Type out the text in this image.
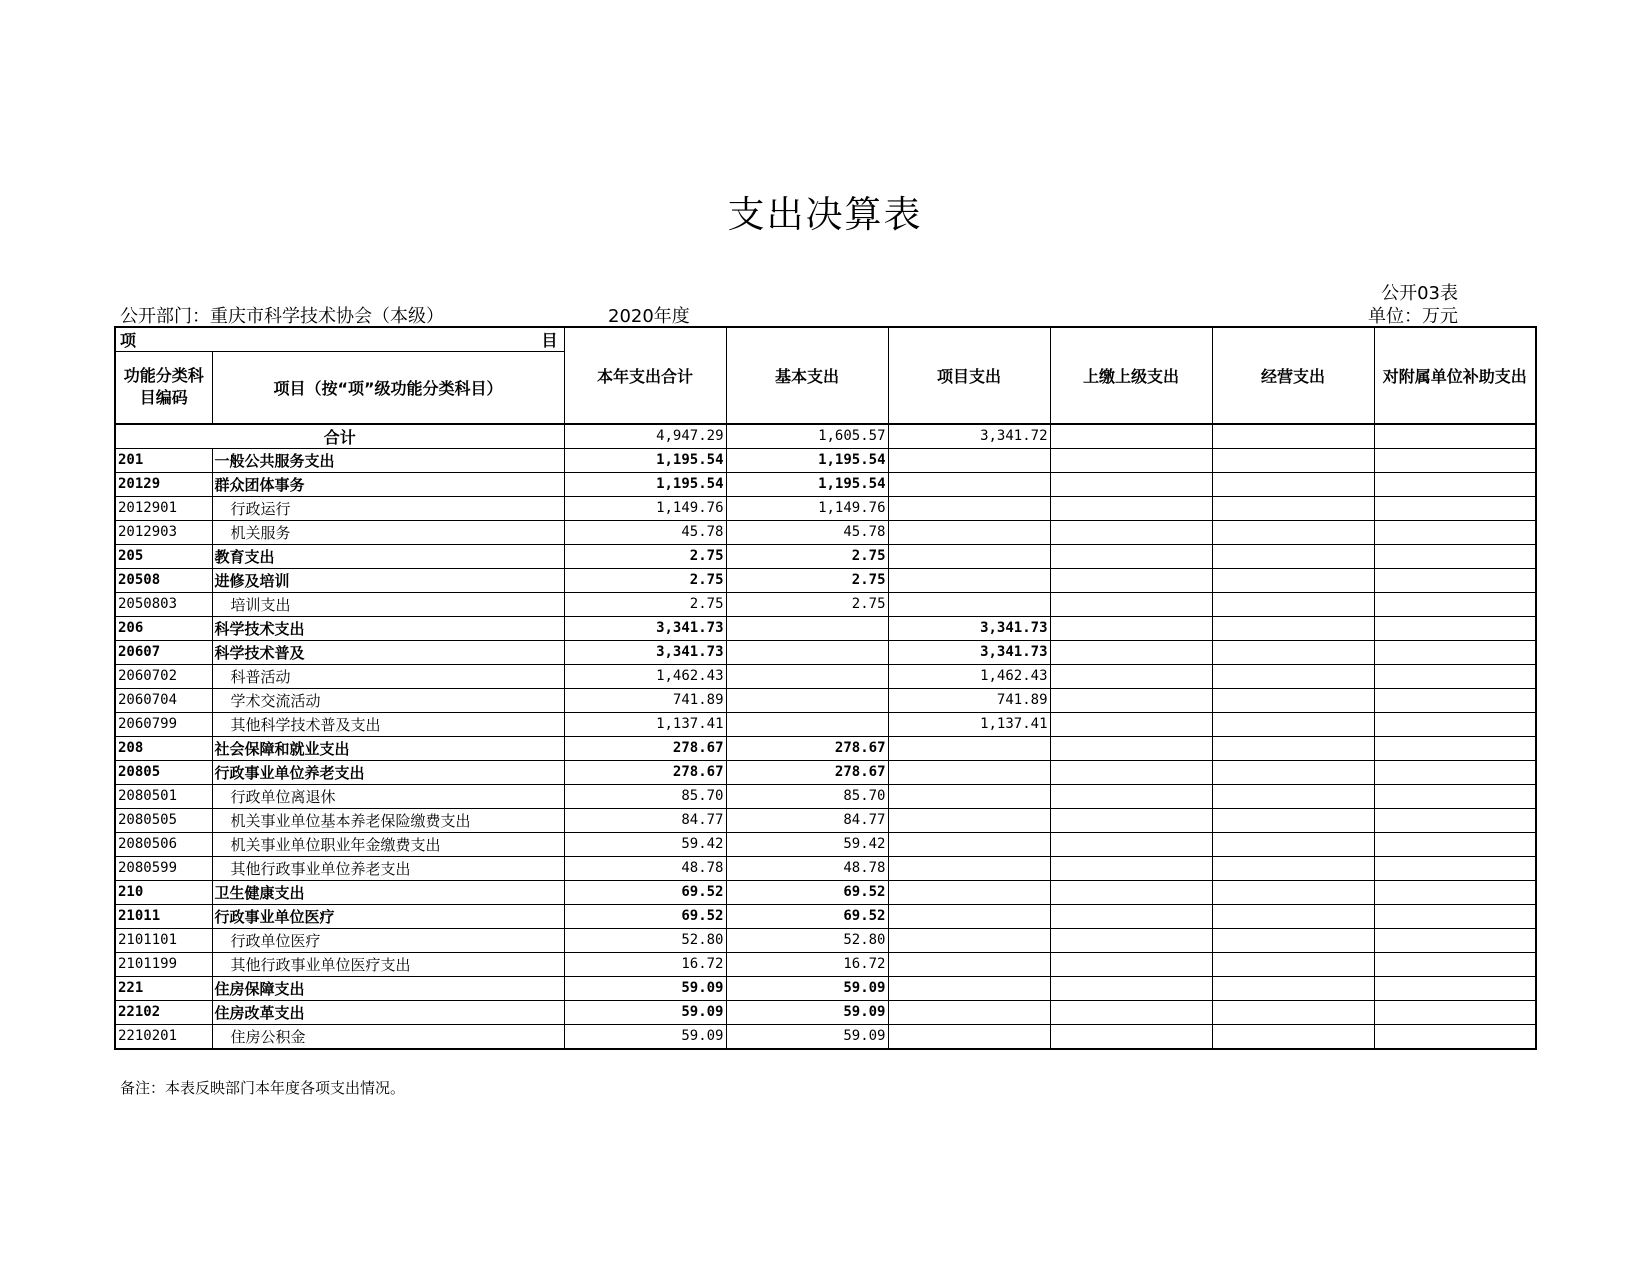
支出决算表
公开03表
公开部门：重庆市科学技术协会（本级）	2020年度	单位：万元
项 目		本年支出合计	基本支出	项目支出	上缴上级支出	经营支出	对附属单位补助支出
功能分类科目编码	项目（按“项”级功能分类科目）						
合计		4,947.29	1,605.57	3,341.72			
201	一般公共服务支出	1,195.54	1,195.54				
20129	群众团体事务	1,195.54	1,195.54				
2012901	行政运行	1,149.76	1,149.76				
2012903	机关服务	45.78	45.78				
205	教育支出	2.75	2.75				
20508	进修及培训	2.75	2.75				
2050803	培训支出	2.75	2.75				
206	科学技术支出	3,341.73		3,341.73			
20607	科学技术普及	3,341.73		3,341.73			
2060702	科普活动	1,462.43		1,462.43			
2060704	学术交流活动	741.89		741.89			
2060799	其他科学技术普及支出	1,137.41		1,137.41			
208	社会保障和就业支出	278.67	278.67				
20805	行政事业单位养老支出	278.67	278.67				
2080501	行政单位离退休	85.70	85.70				
2080505	机关事业单位基本养老保险缴费支出	84.77	84.77				
2080506	机关事业单位职业年金缴费支出	59.42	59.42				
2080599	其他行政事业单位养老支出	48.78	48.78				
210	卫生健康支出	69.52	69.52				
21011	行政事业单位医疗	69.52	69.52				
2101101	行政单位医疗	52.80	52.80				
2101199	其他行政事业单位医疗支出	16.72	16.72				
221	住房保障支出	59.09	59.09				
22102	住房改革支出	59.09	59.09				
2210201	住房公积金	59.09	59.09				
备注：本表反映部门本年度各项支出情况。
